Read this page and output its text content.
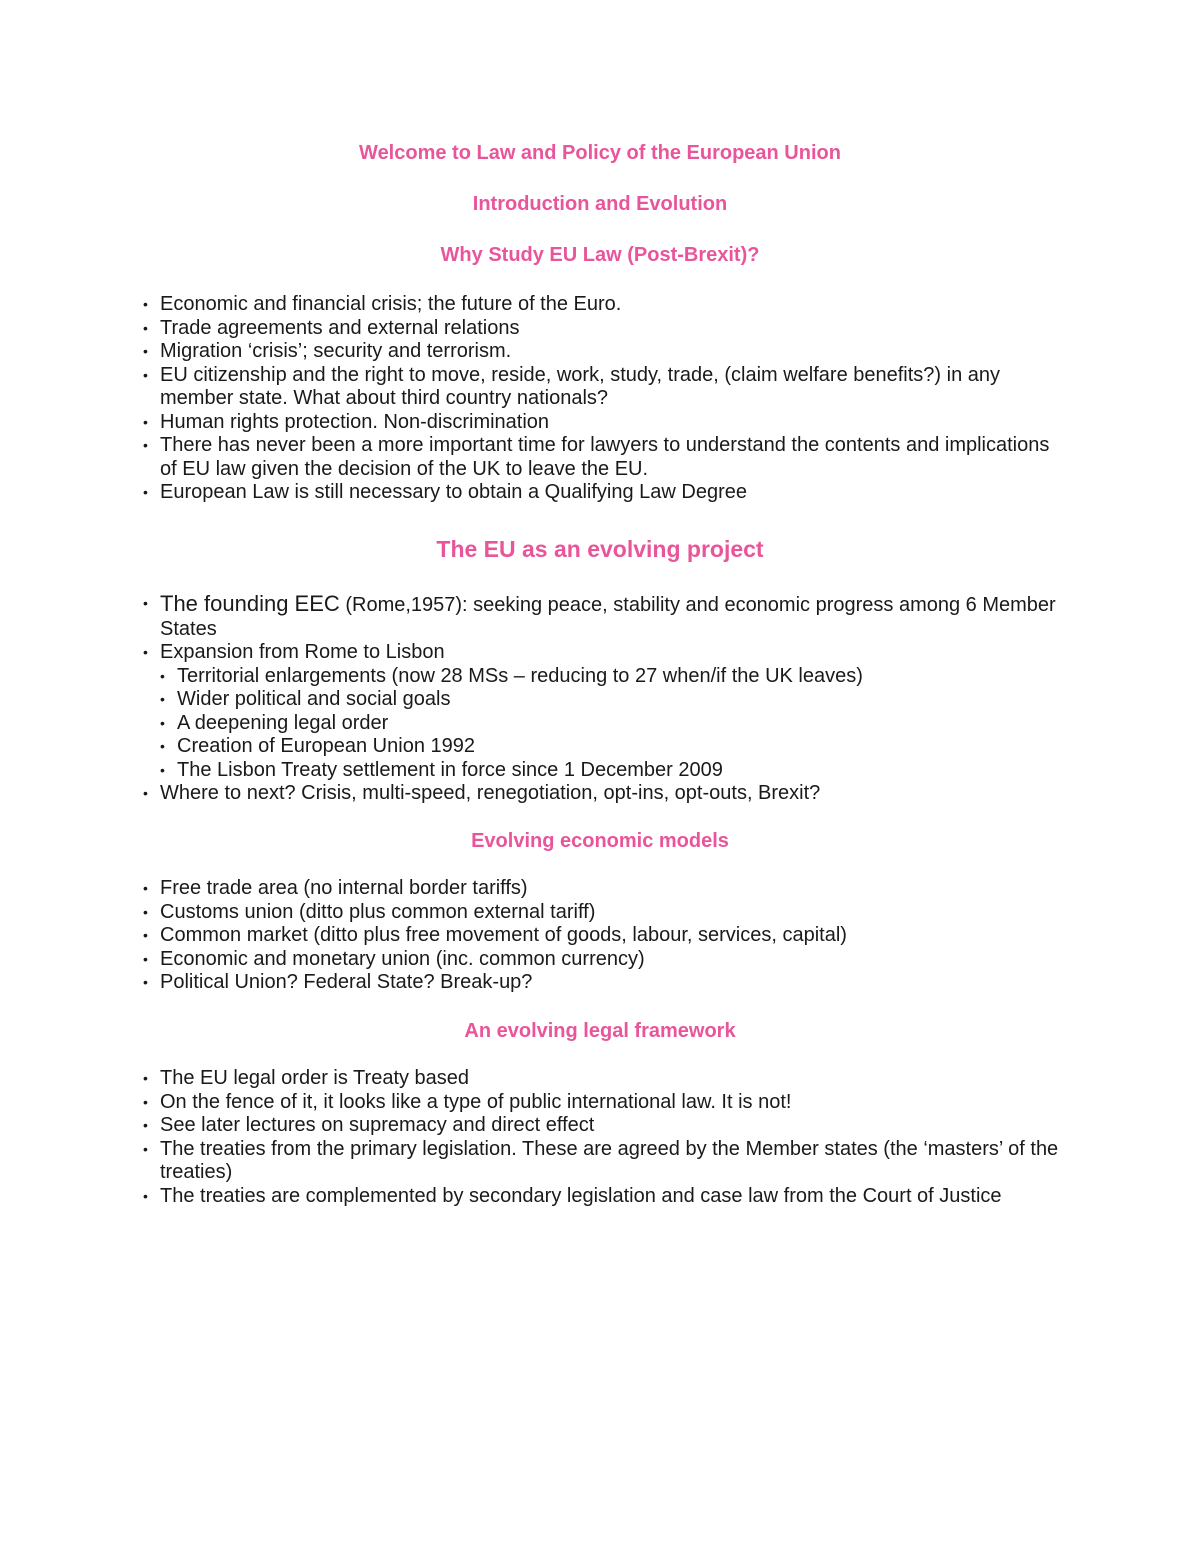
Welcome to Law and Policy of the European Union
Introduction and Evolution
Why Study EU Law (Post-Brexit)?
• Economic and financial crisis; the future of the Euro.
• Trade agreements and external relations
• Migration ‘crisis’; security and terrorism.
• EU citizenship and the right to move, reside, work, study, trade, (claim welfare benefits?) in any member state. What about third country nationals?
• Human rights protection. Non-discrimination
• There has never been a more important time for lawyers to understand the contents and implications of EU law given the decision of the UK to leave the EU.
• European Law is still necessary to obtain a Qualifying Law Degree
The EU as an evolving project
• The founding EEC (Rome,1957): seeking peace, stability and economic progress among 6 Member States
• Expansion from Rome to Lisbon
• Territorial enlargements (now 28 MSs – reducing to 27 when/if the UK leaves)
• Wider political and social goals
• A deepening legal order
• Creation of European Union 1992
• The Lisbon Treaty settlement in force since 1 December 2009
• Where to next? Crisis, multi-speed, renegotiation, opt-ins, opt-outs, Brexit?
Evolving economic models
• Free trade area (no internal border tariffs)
• Customs union (ditto plus common external tariff)
• Common market (ditto plus free movement of goods, labour, services, capital)
• Economic and monetary union (inc. common currency)
• Political Union? Federal State? Break-up?
An evolving legal framework
• The EU legal order is Treaty based
• On the fence of it, it looks like a type of public international law. It is not!
• See later lectures on supremacy and direct effect
• The treaties from the primary legislation. These are agreed by the Member states (the ‘masters’ of the treaties)
• The treaties are complemented by secondary legislation and case law from the Court of Justice
